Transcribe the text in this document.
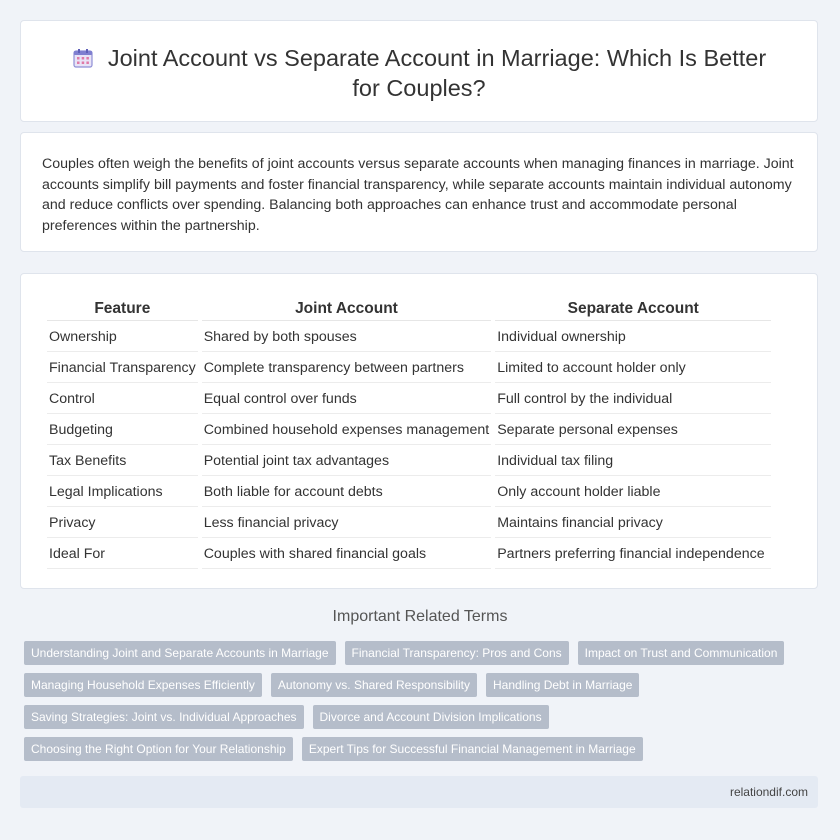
Joint Account vs Separate Account in Marriage: Which Is Better for Couples?

Couples often weigh the benefits of joint accounts versus separate accounts when managing finances in marriage. Joint accounts simplify bill payments and foster financial transparency, while separate accounts maintain individual autonomy and reduce conflicts over spending. Balancing both approaches can enhance trust and accommodate personal preferences within the partnership.

Feature	Joint Account	Separate Account
Ownership	Shared by both spouses	Individual ownership
Financial Transparency	Complete transparency between partners	Limited to account holder only
Control	Equal control over funds	Full control by the individual
Budgeting	Combined household expenses management	Separate personal expenses
Tax Benefits	Potential joint tax advantages	Individual tax filing
Legal Implications	Both liable for account debts	Only account holder liable
Privacy	Less financial privacy	Maintains financial privacy
Ideal For	Couples with shared financial goals	Partners preferring financial independence
Important Related Terms
Understanding Joint and Separate Accounts in Marriage	Financial Transparency: Pros and Cons	Impact on Trust and Communication
Managing Household Expenses Efficiently	Autonomy vs. Shared Responsibility	Handling Debt in Marriage
Saving Strategies: Joint vs. Individual Approaches	Divorce and Account Division Implications
Choosing the Right Option for Your Relationship	Expert Tips for Successful Financial Management in Marriage
relationdif.com
